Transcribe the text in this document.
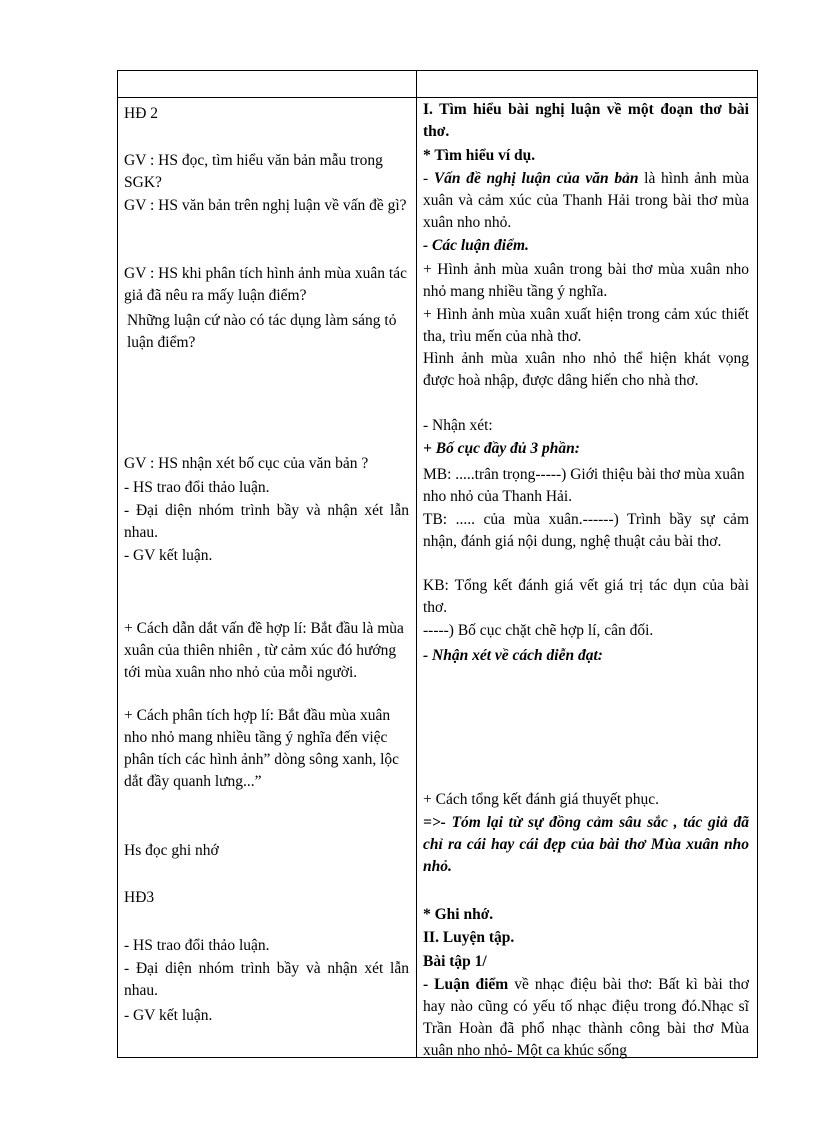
HĐ 2
GV : HS đọc, tìm hiểu văn bản mẫu trong SGK?
GV : HS văn bản trên nghị luận về vấn đề gì?
GV : HS khi phân tích hình ảnh mùa xuân tác giả đã nêu ra mấy luận điểm?
Những luận cứ nào có tác dụng làm sáng tỏ luận điểm?
GV : HS nhận xét bố cục của văn bản ?
- HS trao đổi thảo luận.
- Đại diện nhóm trình bầy và nhận xét lẫn nhau.
- GV kết luận.
+ Cách dẫn dắt vấn đề hợp lí: Bắt đầu là mùa xuân của thiên nhiên , từ cảm xúc đó hướng tới mùa xuân nho nhỏ của mỗi người.
+ Cách phân tích hợp lí: Bắt đầu mùa xuân nho nhỏ mang nhiều tầng ý nghĩa đến việc phân tích các hình ảnh” dòng sông xanh, lộc dắt đầy quanh lưng...”
Hs đọc ghi nhớ
HĐ3
- HS trao đổi thảo luận.
- Đại diện nhóm trình bầy và nhận xét lẫn nhau.
- GV kết luận.
I. Tìm hiểu bài nghị luận về một đoạn thơ bài thơ.
* Tìm hiểu ví dụ.
- Vấn đề nghị luận của văn bản là hình ảnh mùa xuân và cảm xúc của Thanh Hải trong bài thơ mùa xuân nho nhỏ.
- Các luận điểm.
+ Hình ảnh mùa xuân trong bài thơ mùa xuân nho nhỏ mang nhiều tầng ý nghĩa.
+ Hình ảnh mùa xuân xuất hiện trong cảm xúc thiết tha, trìu mến của nhà thơ.
Hình ảnh mùa xuân nho nhỏ thể hiện khát vọng được hoà nhập, được dâng hiến cho nhà thơ.
- Nhận xét:
+ Bố cục đầy đủ 3 phần:
MB: .....trân trọng-----) Giới thiệu bài thơ mùa xuân nho nhỏ của Thanh Hải.
TB: ..... của mùa xuân.------) Trình bầy sự cảm nhận, đánh giá nội dung, nghệ thuật cảu bài thơ.
KB: Tổng kết đánh giá vết giá trị tác dụn của bài thơ.
-----) Bố cục chặt chẽ hợp lí, cân đối.
- Nhận xét về cách diễn đạt:
+ Cách tổng kết đánh giá thuyết phục.
=>- Tóm lại từ sự đồng cảm sâu sắc , tác giả đã chỉ ra cái hay cái đẹp của bài thơ Mùa xuân nho nhỏ.
* Ghi nhớ.
II. Luyện tập.
Bài tập 1/
- Luận điểm về nhạc điệu bài thơ: Bất kì bài thơ hay nào cũng có yếu tố nhạc điệu trong đó.Nhạc sĩ Trần Hoàn đã phổ nhạc thành công bài thơ Mùa xuân nho nhỏ- Một ca khúc sống
